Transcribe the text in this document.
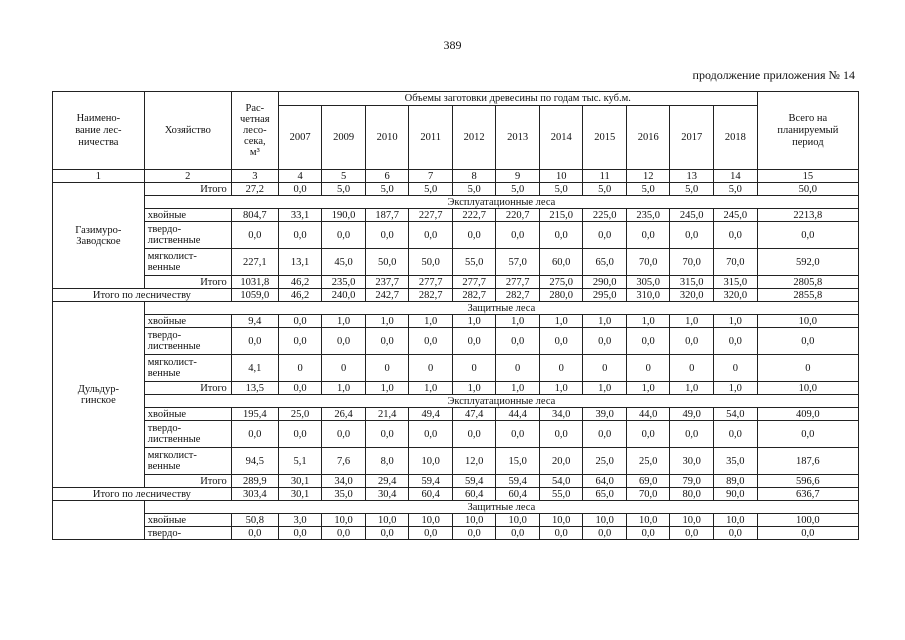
389
продолжение приложения № 14
Наимено-
вание лес-
ничества	Хозяйство	Рас-
четная
лесо-
сека,
м³	Объемы заготовки древесины по годам тыс. куб.м.											Всего на
планируемый
период
			2007	2009	2010	2011	2012	2013	2014	2015	2016	2017	2018	
1	2	3	4	5	6	7	8	9	10	11	12	13	14	15
Газимуро-
Заводское	Итого	27,2	0,0	5,0	5,0	5,0	5,0	5,0	5,0	5,0	5,0	5,0	5,0	50,0
	Эксплуатационные леса													
	хвойные	804,7	33,1	190,0	187,7	227,7	222,7	220,7	215,0	225,0	235,0	245,0	245,0	2213,8
	твердо-
лиственные	0,0	0,0	0,0	0,0	0,0	0,0	0,0	0,0	0,0	0,0	0,0	0,0	0,0
	мягколист-
венные	227,1	13,1	45,0	50,0	50,0	55,0	57,0	60,0	65,0	70,0	70,0	70,0	592,0
	Итого	1031,8	46,2	235,0	237,7	277,7	277,7	277,7	275,0	290,0	305,0	315,0	315,0	2805,8
Итого по лесничеству		1059,0	46,2	240,0	242,7	282,7	282,7	282,7	280,0	295,0	310,0	320,0	320,0	2855,8
Дульдур-
гинское	Защитные леса													
	хвойные	9,4	0,0	1,0	1,0	1,0	1,0	1,0	1,0	1,0	1,0	1,0	1,0	10,0
	твердо-
лиственные	0,0	0,0	0,0	0,0	0,0	0,0	0,0	0,0	0,0	0,0	0,0	0,0	0,0
	мягколист-
венные	4,1	0	0	0	0	0	0	0	0	0	0	0	0
	Итого	13,5	0,0	1,0	1,0	1,0	1,0	1,0	1,0	1,0	1,0	1,0	1,0	10,0
	Эксплуатационные леса													
	хвойные	195,4	25,0	26,4	21,4	49,4	47,4	44,4	34,0	39,0	44,0	49,0	54,0	409,0
	твердо-
лиственные	0,0	0,0	0,0	0,0	0,0	0,0	0,0	0,0	0,0	0,0	0,0	0,0	0,0
	мягколист-
венные	94,5	5,1	7,6	8,0	10,0	12,0	15,0	20,0	25,0	25,0	30,0	35,0	187,6
	Итого	289,9	30,1	34,0	29,4	59,4	59,4	59,4	54,0	64,0	69,0	79,0	89,0	596,6
Итого по лесничеству		303,4	30,1	35,0	30,4	60,4	60,4	60,4	55,0	65,0	70,0	80,0	90,0	636,7
	Защитные леса													
	хвойные	50,8	3,0	10,0	10,0	10,0	10,0	10,0	10,0	10,0	10,0	10,0	10,0	100,0
	твердо-	0,0	0,0	0,0	0,0	0,0	0,0	0,0	0,0	0,0	0,0	0,0	0,0	0,0
